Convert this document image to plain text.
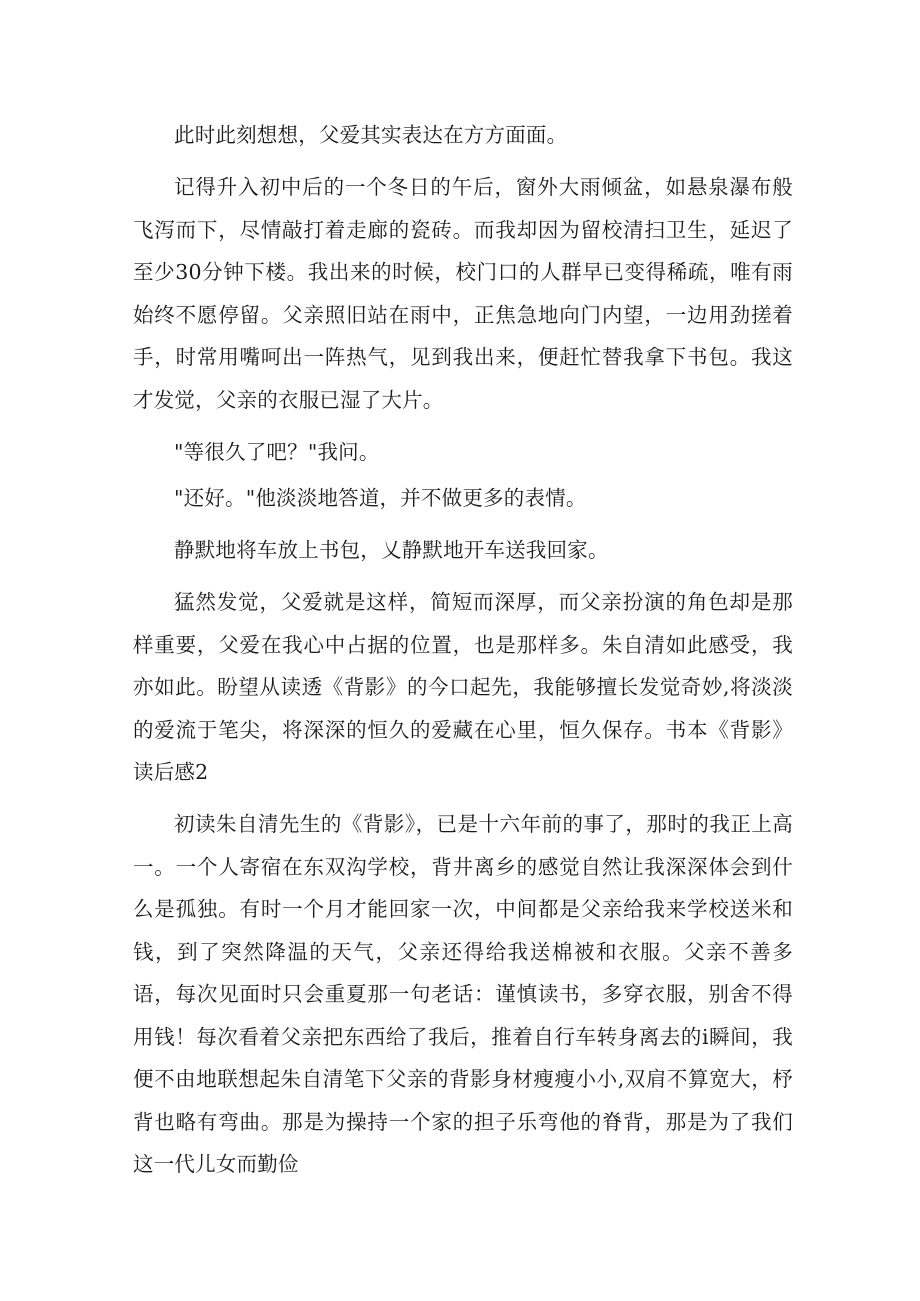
此时此刻想想，父爱其实表达在方方面面。

记得升入初中后的一个冬日的午后，窗外大雨倾盆，如悬泉瀑布般飞泻而下，尽情敲打着走廊的瓷砖。而我却因为留校清扫卫生，延迟了至少30分钟下楼。我出来的时候，校门口的人群早已变得稀疏，唯有雨始终不愿停留。父亲照旧站在雨中，正焦急地向门内望，一边用劲搓着手，时常用嘴呵出一阵热气，见到我出来，便赶忙替我拿下书包。我这才发觉，父亲的衣服已湿了大片。

"等很久了吧？"我问。

"还好。"他淡淡地答道，并不做更多的表情。

静默地将车放上书包，乂静默地开车送我回家。

猛然发觉，父爱就是这样，简短而深厚，而父亲扮演的角色却是那样重要，父爱在我心中占据的位置，也是那样多。朱自清如此感受，我亦如此。盼望从读透《背影》的今口起先，我能够擅长发觉奇妙,将淡淡的爱流于笔尖，将深深的恒久的爱藏在心里，恒久保存。书本《背影》读后感2

初读朱自清先生的《背影》，已是十六年前的事了，那时的我正上高一。一个人寄宿在东双沟学校，背井离乡的感觉自然让我深深体会到什么是孤独。有时一个月才能回家一次，中间都是父亲给我来学校送米和钱，到了突然降温的天气，父亲还得给我送棉被和衣服。父亲不善多语，每次见面时只会重夏那一句老话：谨慎读书，多穿衣服，别舍不得用钱！每次看着父亲把东西给了我后，推着自行车转身离去的i瞬间，我便不由地联想起朱自清笔下父亲的背影身材瘦瘦小小,双肩不算宽大，杼背也略有弯曲。那是为操持一个家的担子乐弯他的脊背，那是为了我们这一代儿女而勤俭
